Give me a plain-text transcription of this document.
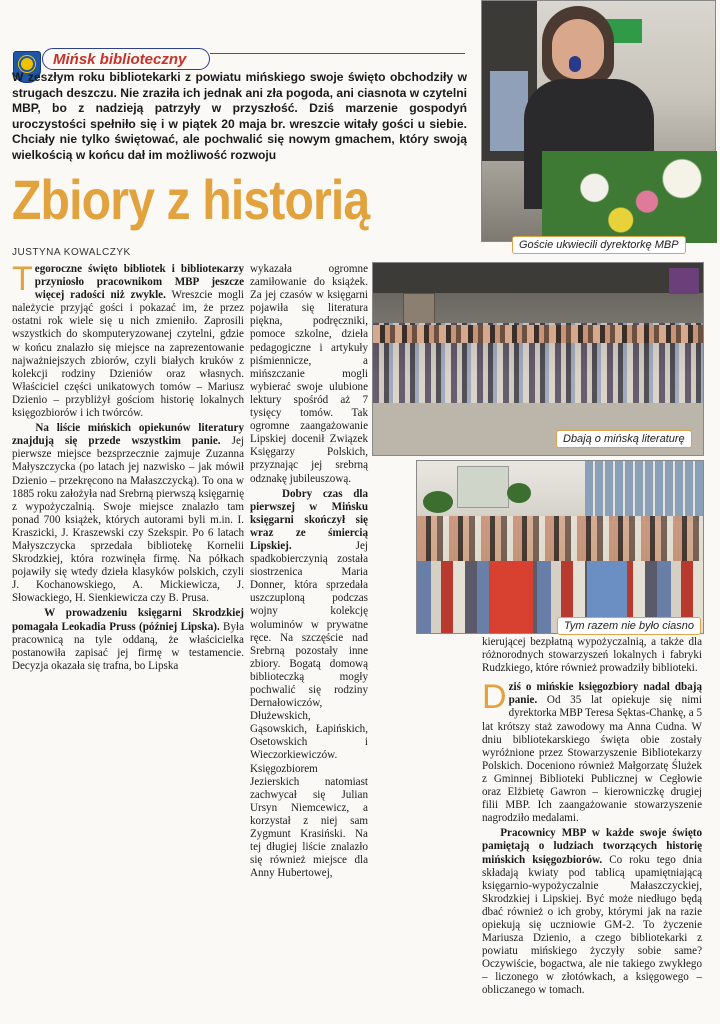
Mińsk biblioteczny
W zeszłym roku bibliotekarki z powiatu mińskiego swoje święto obchodziły w strugach deszczu. Nie zraziła ich jednak ani zła pogoda, ani ciasnota w czytelni MBP, bo z nadzieją patrzyły w przyszłość. Dziś marzenie gospodyń uroczystości spełniło się i w piątek 20 maja br. wreszcie witały gości u siebie. Chciały nie tylko świętować, ale pochwalić się nowym gmachem, który swoją wielkością w końcu dał im możliwość rozwoju
Zbiory z historią
JUSTYNA KOWALCZYK
Goście ukwiecili dyrektorkę MBP
Dbają o mińską literaturę
Tym razem nie było ciasno

Tegoroczne święto bibliotek i biblioteкarzy przyniosło pracownikom MBP jeszcze więcej radości niż zwykle. Wreszcie mogli należycie przyjąć gości i pokazać im, że przez ostatni rok wiele się u nich zmieniło. Zaprosili wszystkich do skomputeryzowanej czytelni, gdzie w końcu znalazło się miejsce na zaprezentowanie najważniejszych zbiorów, czyli białych kruków z kolekcji rodziny Dzieniów oraz własnych. Właściciel części unikatowych tomów – Mariusz Dzienio – przybliżył gościom historię lokalnych księgozbiorów i ich twórców.

Na liście mińskich opiekunów literatury znajdują się przede wszystkim panie. Jej pierwsze miejsce bezsprzecznie zajmuje Zuzanna Małyszczycka (po latach jej nazwisko – jak mówił Dzienio – przekręcono na Małaszczycką). To ona w 1885 roku założyła nad Srebrną pierwszą księgarnię z wypożyczalnią. Swoje miejsce znalazło tam ponad 700 książek, których autorami byli m.in. I. Kraszicki, J. Kraszewski czy Szekspir. Po 6 latach Małyszczycka sprzedała bibliotekę Kornelii Skrodzkiej, która rozwinęła firmę. Na półkach pojawiły się wtedy dzieła klasyków polskich, czyli J. Kochanowskiego, A. Mickiewicza, J. Słowackiego, H. Sienkiewicza czy B. Prusa.

W prowadzeniu księgarni Skrodzkiej pomagała Leokadia Pruss (później Lipska). Była pracownicą na tyle oddaną, że właścicielka postanowiła zapisać jej firmę w testamencie. Decyzja okazała się trafna, bo Lipska

wykazała ogromne zamiłowanie do książek. Za jej czasów w księgarni pojawiła się literatura piękna, podręczniki, pomoce szkolne, dzieła pedagogiczne i artykuły piśmiennicze, a mińszczanie mogli wybierać swoje ulubione lektury spośród aż 7 tysięcy tomów. Tak ogromne zaangażowanie Lipskiej docenił Związek Księgarzy Polskich, przyznając jej srebrną odznakę jubileuszową.

Dobry czas dla pierwszej w Mińsku księgarni skończył się wraz ze śmiercią Lipskiej. Jej spadkobierczynią została siostrzenica Maria Donner, która sprzedała uszczuploną podczas wojny kolekcję woluminów w prywatne ręce. Na szczęście nad Srebrną pozostały inne zbiory. Bogatą domową biblioteczką mogły pochwalić się rodziny Dernałowiczów, Dłużewskich, Gąsowskich, Łapińskich, Osetowskich i Wieczorkiewiczów. Księgozbiorem Jezierskich natomiast zachwycał się Julian Ursyn Niemcewicz, a korzystał z niej sam Zygmunt Krasiński. Na tej długiej liście znalazło się również miejsce dla Anny Hubertowej,

kierującej bezpłatną wypożyczalnią, a także dla różnorodnych stowarzyszeń lokalnych i fabryki Rudzkiego, które również prowadziły biblioteki.

Dziś o mińskie księgozbiory nadal dbają panie. Od 35 lat opiekuje się nimi dyrektorka MBP Teresa Sęktas-Chankę, a 5 lat krótszy staż zawodowy ma Anna Cudna. W dniu bibliotekarskiego święta obie zostały wyróżnione przez Stowarzyszenie Bibliotekarzy Polskich. Doceniono również Małgorzatę Ślużek z Gminnej Biblioteki Publicznej w Cegłowie oraz Elżbietę Gawron – kierowniczkę drugiej filii MBP. Ich zaangażowanie stowarzyszenie nagrodziło medalami.

Pracownicy MBP w każde swoje święto pamiętają o ludziach tworzących historię mińskich księgozbiorów. Co roku tego dnia składają kwiaty pod tablicą upamiętniającą księgarnio-wypożyczalnie Małaszczyckiej, Skrodzkiej i Lipskiej. Być może niedługo będą dbać również o ich groby, którymi jak na razie opiekują się uczniowie GM-2. To życzenie Mariusza Dzienio, a czego bibliotekarki z powiatu mińskiego życzyły sobie same? Oczywiście, bogactwa, ale nie takiego zwykłego – liczonego w złotówkach, a księgowego – obliczanego w tomach.
